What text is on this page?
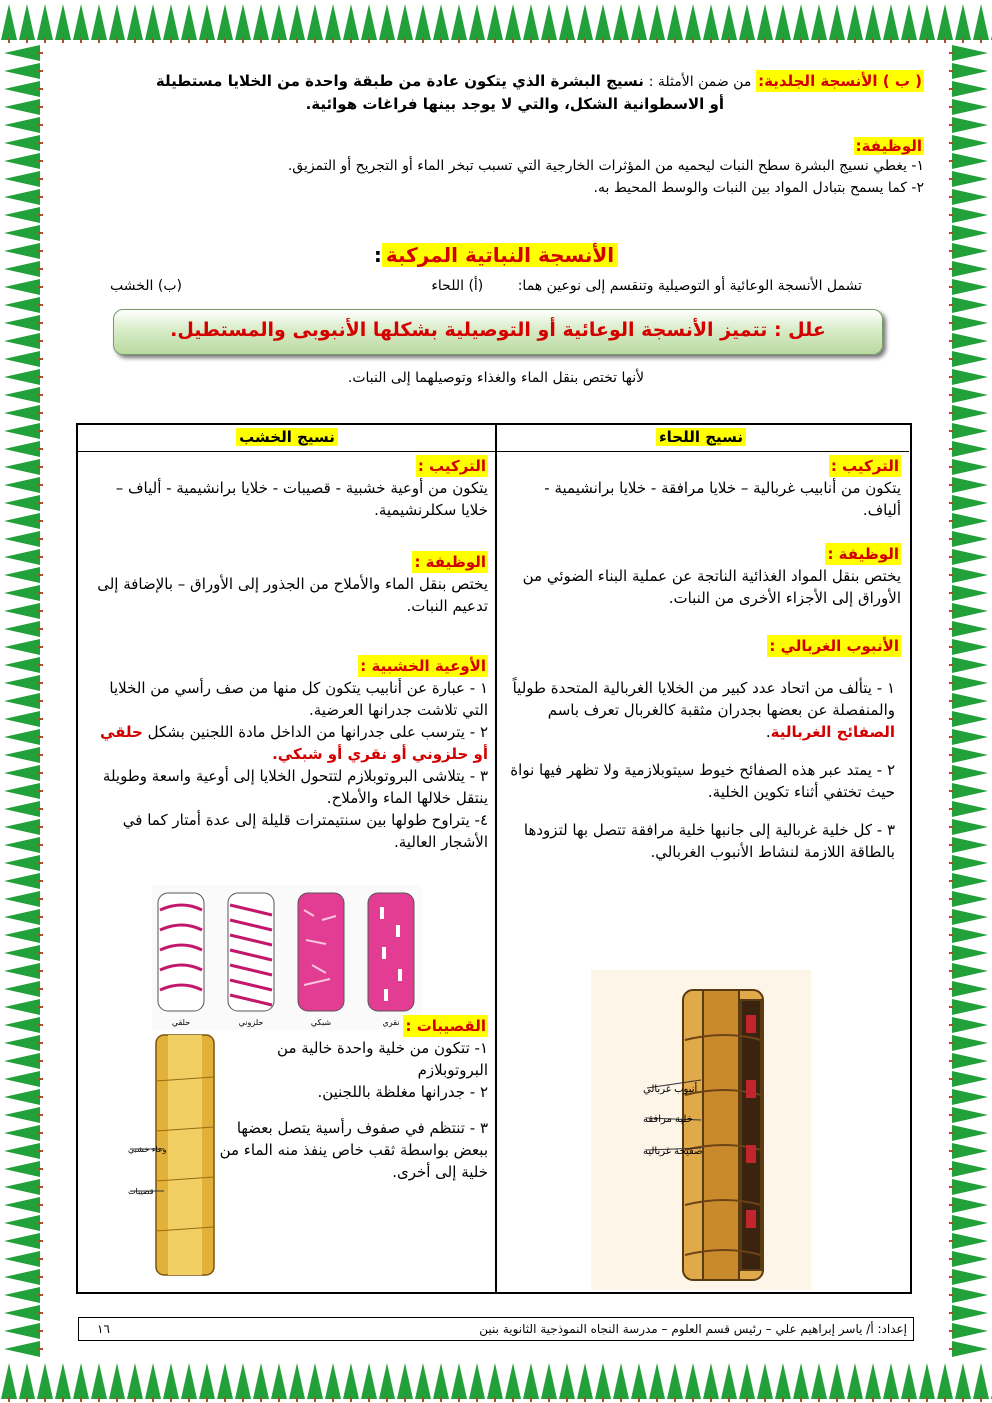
( ب ) الأنسجة الجلدية: من ضمن الأمثلة : نسيج البشرة الذي يتكون عادة من طبقة واحدة من الخلايا مستطيلة

أو الاسطوانية الشكل، والتي لا يوجد بينها فراغات هوائية.

الوظيفة:

١- يغطي نسيج البشرة سطح النبات ليحميه من المؤثرات الخارجية التي تسبب تبخر الماء أو التجريح أو التمزيق.

٢- كما يسمح بتبادل المواد بين النبات والوسط المحيط به.

الأنسجة النباتية المركبة:
تشمل الأنسجة الوعائية أو التوصيلية وتنقسم إلى نوعين هما: (أ) اللحاء
(ب) الخشب
علل : تتميز الأنسجة الوعائية أو التوصيلية بشكلها الأنبوبى والمستطيل.
لأنها تختص بنقل الماء والغذاء وتوصيلهما إلى النبات.
نسيج اللحاء
التركيب :
يتكون من أنابيب غربالية – خلايا مرافقة - خلايا برانشيمية - ألياف.
الوظيفة :
يختص بنقل المواد الغذائية الناتجة عن عملية البناء الضوئي من الأوراق إلى الأجزاء الأخرى من النبات.
الأنبوب الغربالي :
١ - يتألف من اتحاد عدد كبير من الخلايا الغربالية المتحدة طولياً والمنفصلة عن بعضها بجدران مثقبة كالغربال تعرف باسم الصفائح الغربالية.
٢ - يمتد عبر هذه الصفائح خيوط سيتوبلازمية ولا تظهر فيها نواة حيث تختفي أثناء تكوين الخلية.
٣ - كل خلية غربالية إلى جانبها خلية مرافقة تتصل بها لتزودها بالطاقة اللازمة لنشاط الأنبوب الغربالي.
أنبوب غربالي
خلية مرافقة
صفيحة غربالية
نسيج الخشب
التركيب :
يتكون من أوعية خشبية - قصيبات - خلايا برانشيمية - ألياف – خلايا سكلرنشيمية.
الوظيفة :
يختص بنقل الماء والأملاح من الجذور إلى الأوراق – بالإضافة إلى تدعيم النبات.
الأوعية الخشبية :
١ - عبارة عن أنابيب يتكون كل منها من صف رأسي من الخلايا التي تلاشت جدرانها العرضية.
٢ - يترسب على جدرانها من الداخل مادة اللجنين بشكل حلقي أو حلزوني أو نقري أو شبكي.
٣ - يتلاشى البروتوبلازم لتتحول الخلايا إلى أوعية واسعة وطويلة ينتقل خلالها الماء والأملاح.
٤- يتراوح طولها بين سنتيمترات قليلة إلى عدة أمتار كما في الأشجار العالية.
حلقي	حلزوني	شبكي	نقري القصيبات :
١- تتكون من خلية واحدة خالية من البروتوبلازم
٢ - جدرانها مغلظة باللجنين.
٣ - تنتظم في صفوف رأسية يتصل بعضها ببعض بواسطة ثقب خاص ينفذ منه الماء من خلية إلى أخرى.
وعاء خشبي
قصيبات
إعداد: أ/ ياسر إبراهيم علي – رئيس قسم العلوم – مدرسة النجاه النموذجية الثانوية بنين
١٦
